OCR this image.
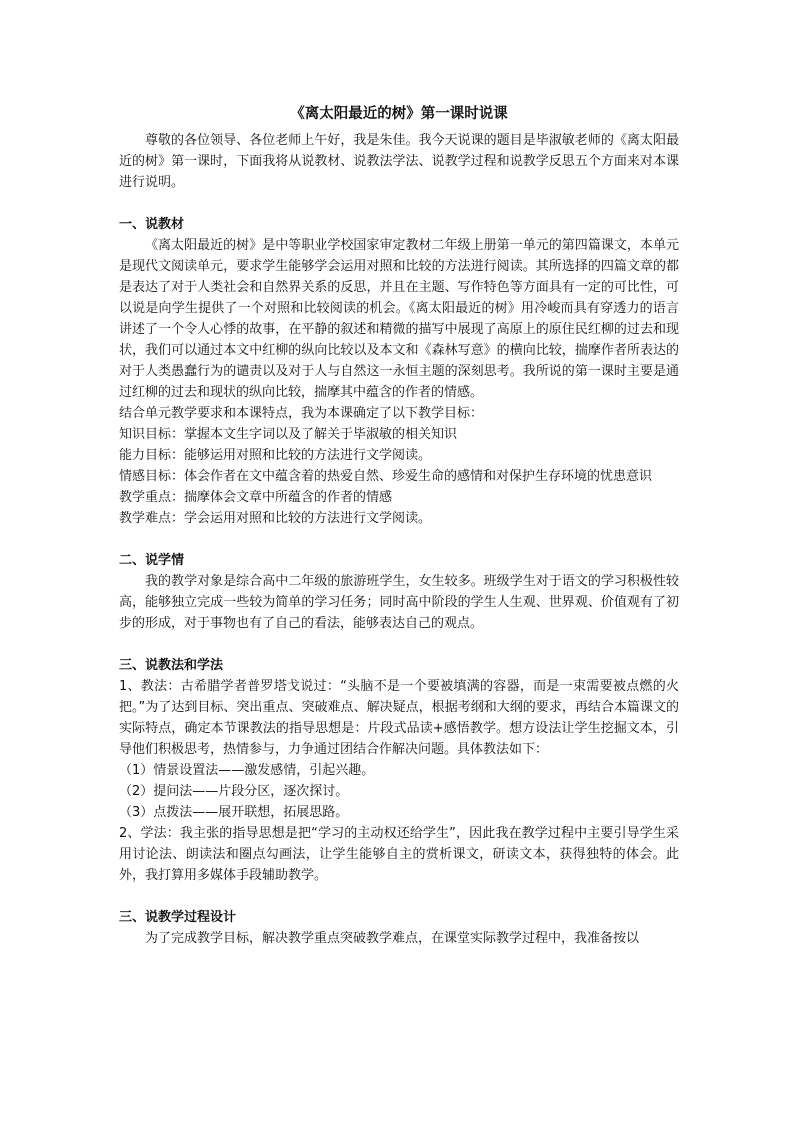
《离太阳最近的树》第一课时说课

尊敬的各位领导、各位老师上午好，我是朱佳。我今天说课的题目是毕淑敏老师的《离太阳最近的树》第一课时，下面我将从说教材、说教法学法、说教学过程和说教学反思五个方面来对本课进行说明。

一、说教材

《离太阳最近的树》是中等职业学校国家审定教材二年级上册第一单元的第四篇课文，本单元是现代文阅读单元，要求学生能够学会运用对照和比较的方法进行阅读。其所选择的四篇文章的都是表达了对于人类社会和自然界关系的反思，并且在主题、写作特色等方面具有一定的可比性，可以说是向学生提供了一个对照和比较阅读的机会。《离太阳最近的树》用冷峻而具有穿透力的语言讲述了一个令人心悸的故事，在平静的叙述和精微的描写中展现了高原上的原住民红柳的过去和现状，我们可以通过本文中红柳的纵向比较以及本文和《森林写意》的横向比较，揣摩作者所表达的对于人类愚蠢行为的谴责以及对于人与自然这一永恒主题的深刻思考。我所说的第一课时主要是通过红柳的过去和现状的纵向比较，揣摩其中蕴含的作者的情感。

结合单元教学要求和本课特点，我为本课确定了以下教学目标：

知识目标：掌握本文生字词以及了解关于毕淑敏的相关知识

能力目标：能够运用对照和比较的方法进行文学阅读。

情感目标：体会作者在文中蕴含着的热爱自然、珍爱生命的感情和对保护生存环境的忧患意识

教学重点：揣摩体会文章中所蕴含的作者的情感

教学难点：学会运用对照和比较的方法进行文学阅读。

二、说学情

我的教学对象是综合高中二年级的旅游班学生，女生较多。班级学生对于语文的学习积极性较高，能够独立完成一些较为简单的学习任务；同时高中阶段的学生人生观、世界观、价值观有了初步的形成，对于事物也有了自己的看法，能够表达自己的观点。

三、说教法和学法

1、教法：古希腊学者普罗塔戈说过：“头脑不是一个要被填满的容器，而是一束需要被点燃的火把。”为了达到目标、突出重点、突破难点、解决疑点，根据考纲和大纲的要求，再结合本篇课文的实际特点，确定本节课教法的指导思想是：片段式品读+感悟教学。想方设法让学生挖掘文本，引导他们积极思考，热情参与，力争通过团结合作解决问题。具体教法如下：

（1）情景设置法——激发感情，引起兴趣。

（2）提问法——片段分区，逐次探讨。

（3）点拨法——展开联想，拓展思路。

2、学法：我主张的指导思想是把“学习的主动权还给学生”，因此我在教学过程中主要引导学生采用讨论法、朗读法和圈点勾画法，让学生能够自主的赏析课文，研读文本，获得独特的体会。此外，我打算用多媒体手段辅助教学。

三、说教学过程设计

为了完成教学目标，解决教学重点突破教学难点，在课堂实际教学过程中，我准备按以
